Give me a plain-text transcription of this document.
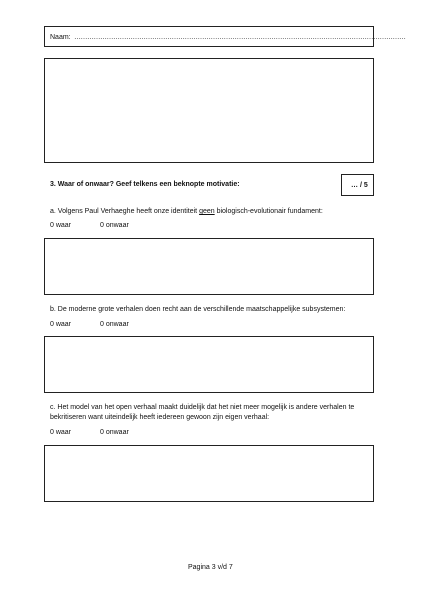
Naam: ………………………………………………………………………………………………………………………………………
3. Waar of onwaar? Geef telkens een beknopte motivatie:	… / 5
a. Volgens Paul Verhaeghe heeft onze identiteit geen biologisch-evolutionair fundament:
0 waar	0 onwaar
b. De moderne grote verhalen doen recht aan de verschillende maatschappelijke subsystemen:
0 waar	0 onwaar
c. Het model van het open verhaal maakt duidelijk dat het niet meer mogelijk is andere verhalen te bekritiseren want uiteindelijk heeft iedereen gewoon zijn eigen verhaal:
0 waar	0 onwaar
Pagina 3 v/d 7
